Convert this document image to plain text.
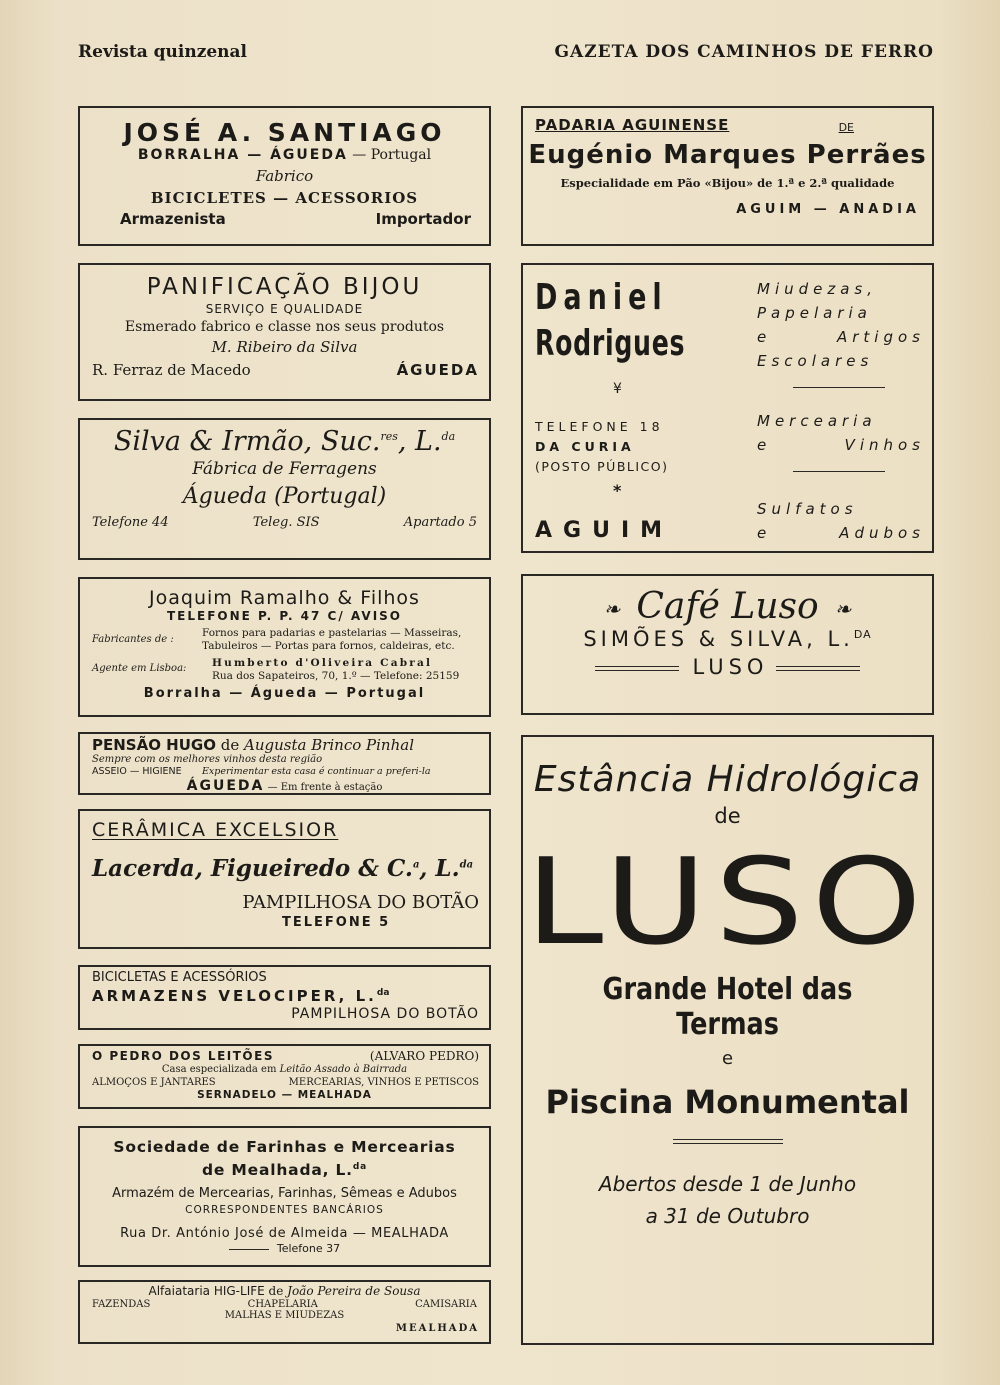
Revista quinzenal	GAZETA DOS CAMINHOS DE FERRO
JOSÉ A. SANTIAGO
BORRALHA — ÁGUEDA — Portugal
Fabrico
BICICLETES — ACESSORIOS
Armazenista	Importador
PANIFICAÇÃO BIJOU
SERVIÇO E QUALIDADE
Esmerado fabrico e classe nos seus produtos
M. Ribeiro da Silva
R. Ferraz de Macedo	ÁGUEDA
Silva & Irmão, Suc.$^{res}$, L.$^{da}$
Fábrica de Ferragens
Águeda (Portugal)
Telefone 44	Teleg. SIS	Apartado 5
Joaquim Ramalho & Filhos
TELEFONE P. P. 47 C/ AVISO
Fabricantes de :
Fornos para padarias e pastelarias — Masseiras,
Tabuleiros — Portas para fornos, caldeiras, etc.
Agente em Lisboa:	Humberto d'Oliveira Cabral
Rua dos Sapateiros, 70, 1.º — Telefone: 25159
Borralha — Águeda — Portugal
PENSÃO HUGO de Augusta Brinco Pinhal
Sempre com os melhores vinhos desta região
ASSEIO — HIGIENE	Experimentar esta casa é continuar a preferi-la
ÁGUEDA — Em frente à estação
CERÂMICA EXCELSIOR
Lacerda, Figueiredo & C.$^a$, L.$^{da}$
PAMPILHOSA DO BOTÃO
TELEFONE 5
BICICLETAS E ACESSÓRIOS
ARMAZENS VELOCIPER, L.$^{da}$
PAMPILHOSA DO BOTÃO
O PEDRO DOS LEITÕES	(ALVARO PEDRO)
Casa especializada em Leitão Assado à Bairrada
ALMOÇOS E JANTARES	MERCEARIAS, VINHOS E PETISCOS
SERNADELO — MEALHADA
Sociedade de Farinhas e Mercearias
de Mealhada, L.$^{da}$
Armazém de Mercearias, Farinhas, Sêmeas e Adubos
CORRESPONDENTES BANCÁRIOS
Rua Dr. António José de Almeida — MEALHADA
Telefone 37
Alfaiataria HIG-LIFE de João Pereira de Sousa
FAZENDAS	CHAPELARIA	CAMISARIA
MALHAS E MIUDEZAS
MEALHADA
PADARIA AGUINENSE	DE
Eugénio Marques Perrães
Especialidade em Pão «Bijou» de 1.ª e 2.ª qualidade
AGUIM — ANADIA
Daniel
Rodrigues
Miudezas,
Papelaria
e Artigos
Escolares
¥
TELEFONE 18
DA CURIA
(POSTO PÚBLICO)
Mercearia
e Vinhos
*
Sulfatos
e Adubos
AGUIM
❧ Café Luso ❧
SIMÕES & SILVA, L.$^{DA}$
LUSO
Estância Hidrológica
de
LUSO
Grande Hotel das Termas
e
Piscina Monumental
Abertos desde 1 de Junho
a 31 de Outubro
